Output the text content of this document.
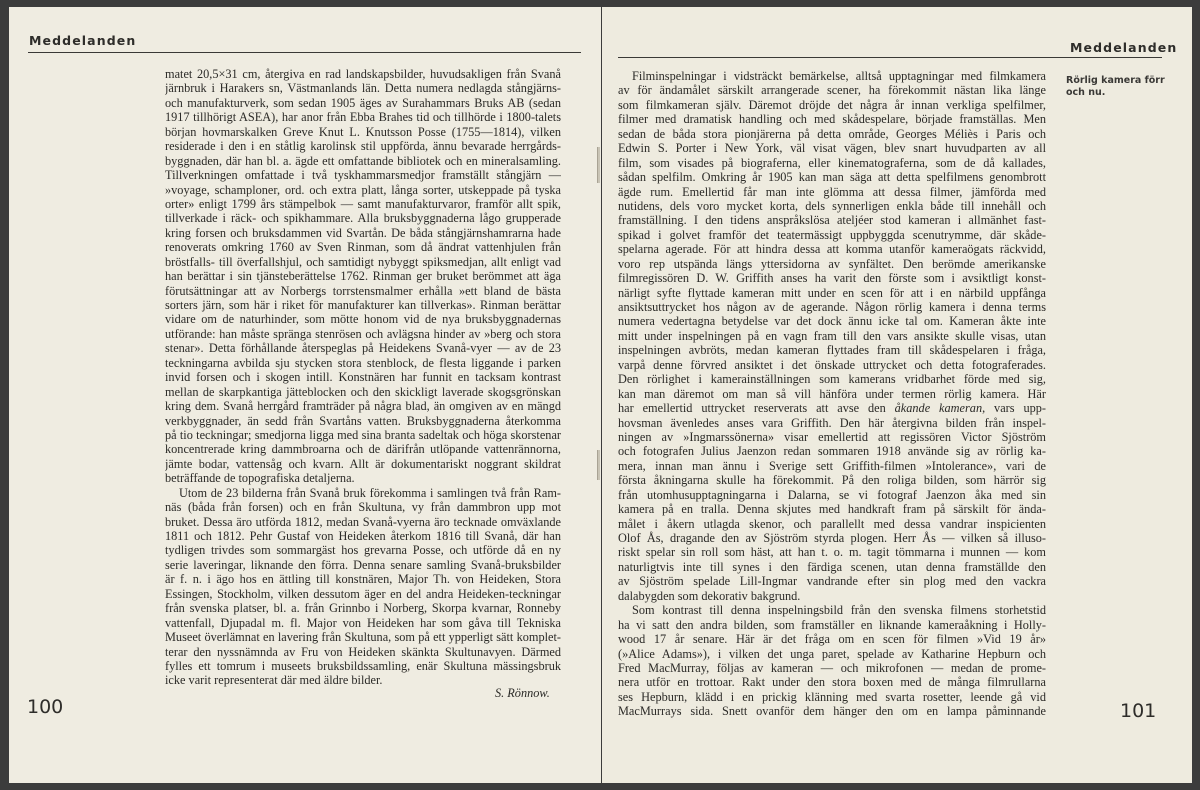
Meddelanden
matet 20,5×31 cm, återgiva en rad landskapsbilder, huvudsakligen från Svanå
järnbruk i Harakers sn, Västmanlands län. Detta numera nedlagda stångjärns-
och manufakturverk, som sedan 1905 äges av Surahammars Bruks AB (sedan
1917 tillhörigt ASEA), har anor från Ebba Brahes tid och tillhörde i 1800-talets
början hovmarskalken Greve Knut L. Knutsson Posse (1755—1814), vilken
residerade i den i en ståtlig karolinsk stil uppförda, ännu bevarade herrgårds-
byggnaden, där han bl. a. ägde ett omfattande bibliotek och en mineralsamling.
Tillverkningen omfattade i två tyskhammarsmedjor framställt stångjärn —
»voyage, schamploner, ord. och extra platt, långa sorter, utskeppade på tyska
orter» enligt 1799 års stämpelbok — samt manufakturvaror, framför allt spik,
tillverkade i räck- och spikhammare. Alla bruksbyggnaderna lågo grupperade
kring forsen och bruksdammen vid Svartån. De båda stångjärnshamrarna hade
renoverats omkring 1760 av Sven Rinman, som då ändrat vattenhjulen från
bröstfalls- till överfallshjul, och samtidigt nybyggt spiksmedjan, allt enligt vad
han berättar i sin tjänsteberättelse 1762. Rinman ger bruket berömmet att äga
förutsättningar att av Norbergs torrstensmalmer erhålla »ett bland de bästa
sorters järn, som här i riket för manufakturer kan tillverkas». Rinman berättar
vidare om de naturhinder, som mötte honom vid de nya bruksbyggnadernas
utförande: han måste spränga stenrösen och avlägsna hinder av »berg och stora
stenar». Detta förhållande återspeglas på Heidekens Svanå-vyer — av de 23
teckningarna avbilda sju stycken stora stenblock, de flesta liggande i parken
invid forsen och i skogen intill. Konstnären har funnit en tacksam kontrast
mellan de skarpkantiga jätteblocken och den skickligt laverade skogsgrönskan
kring dem. Svanå herrgård framträder på några blad, än omgiven av en mängd
verkbyggnader, än sedd från Svartåns vatten. Bruksbyggnaderna återkomma
på tio teckningar; smedjorna ligga med sina branta sadeltak och höga skorstenar
koncentrerade kring dammbroarna och de därifrån utlöpande vattenrännorna,
jämte bodar, vattensåg och kvarn. Allt är dokumentariskt noggrant skildrat
beträffande de topografiska detaljerna.
Utom de 23 bilderna från Svanå bruk förekomma i samlingen två från Ram-
näs (båda från forsen) och en från Skultuna, vy från dammbron upp mot
bruket. Dessa äro utförda 1812, medan Svanå-vyerna äro tecknade omväxlande
1811 och 1812. Pehr Gustaf von Heideken återkom 1816 till Svanå, där han
tydligen trivdes som sommargäst hos grevarna Posse, och utförde då en ny
serie laveringar, liknande den förra. Denna senare samling Svanå-bruksbilder
är f. n. i ägo hos en ättling till konstnären, Major Th. von Heideken, Stora
Essingen, Stockholm, vilken dessutom äger en del andra Heideken-teckningar
från svenska platser, bl. a. från Grinnbo i Norberg, Skorpa kvarnar, Ronneby
vattenfall, Djupadal m. fl. Major von Heideken har som gåva till Tekniska
Museet överlämnat en lavering från Skultuna, som på ett ypperligt sätt komplet-
terar den nyssnämnda av Fru von Heideken skänkta Skultunavyen. Därmed
fylles ett tomrum i museets bruksbildssamling, enär Skultuna mässingsbruk
icke varit representerat där med äldre bilder.
S. Rönnow.
100
Meddelanden
Filminspelningar i vidsträckt bemärkelse, alltså upptagningar med filmkamera
av för ändamålet särskilt arrangerade scener, ha förekommit nästan lika länge
som filmkameran själv. Däremot dröjde det några år innan verkliga spelfilmer,
filmer med dramatisk handling och med skådespelare, började framställas. Men
sedan de båda stora pionjärerna på detta område, Georges Méliès i Paris och
Edwin S. Porter i New York, väl visat vägen, blev snart huvudparten av all
film, som visades på biograferna, eller kinematograferna, som de då kallades,
sådan spelfilm. Omkring år 1905 kan man säga att detta spelfilmens genombrott
ägde rum. Emellertid får man inte glömma att dessa filmer, jämförda med
nutidens, dels voro mycket korta, dels synnerligen enkla både till innehåll och
framställning. I den tidens anspråkslösa ateljéer stod kameran i allmänhet fast-
spikad i golvet framför det teatermässigt uppbyggda scenutrymme, där skåde-
spelarna agerade. För att hindra dessa att komma utanför kameraögats räckvidd,
voro rep utspända längs yttersidorna av synfältet. Den berömde amerikanske
filmregissören D. W. Griffith anses ha varit den förste som i avsiktligt konst-
närligt syfte flyttade kameran mitt under en scen för att i en närbild uppfånga
ansiktsuttrycket hos någon av de agerande. Någon rörlig kamera i denna terms
numera vedertagna betydelse var det dock ännu icke tal om. Kameran åkte inte
mitt under inspelningen på en vagn fram till den vars ansikte skulle visas, utan
inspelningen avbröts, medan kameran flyttades fram till skådespelaren i fråga,
varpå denne förvred ansiktet i det önskade uttrycket och detta fotograferades.
Den rörlighet i kamerainställningen som kamerans vridbarhet förde med sig,
kan man däremot om man så vill hänföra under termen rörlig kamera. Här
har emellertid uttrycket reserverats att avse den åkande kameran, vars upp-
hovsman ävenledes anses vara Griffith. Den här återgivna bilden från inspel-
ningen av »Ingmarssönerna» visar emellertid att regissören Victor Sjöström
och fotografen Julius Jaenzon redan sommaren 1918 använde sig av rörlig ka-
mera, innan man ännu i Sverige sett Griffith-filmen »Intolerance», vari de
första åkningarna skulle ha förekommit. På den roliga bilden, som härrör sig
från utomhusupptagningarna i Dalarna, se vi fotograf Jaenzon åka med sin
kamera på en tralla. Denna skjutes med handkraft fram på särskilt för ända-
målet i åkern utlagda skenor, och parallellt med dessa vandrar inspicienten
Olof Ås, dragande den av Sjöström styrda plogen. Herr Ås — vilken så illuso-
riskt spelar sin roll som häst, att han t. o. m. tagit tömmarna i munnen — kom
naturligtvis inte till synes i den färdiga scenen, utan denna framställde den
av Sjöström spelade Lill-Ingmar vandrande efter sin plog med den vackra
dalabygden som dekorativ bakgrund.
Som kontrast till denna inspelningsbild från den svenska filmens storhetstid
ha vi satt den andra bilden, som framställer en liknande kameraåkning i Holly-
wood 17 år senare. Här är det fråga om en scen för filmen »Vid 19 år»
(»Alice Adams»), i vilken det unga paret, spelade av Katharine Hepburn och
Fred MacMurray, följas av kameran — och mikrofonen — medan de prome-
nera utför en trottoar. Rakt under den stora boxen med de många filmrullarna
ses Hepburn, klädd i en prickig klänning med svarta rosetter, leende gå vid
MacMurrays sida. Snett ovanför dem hänger den om en lampa påminnande
Rörlig kamera förr
och nu.
101
